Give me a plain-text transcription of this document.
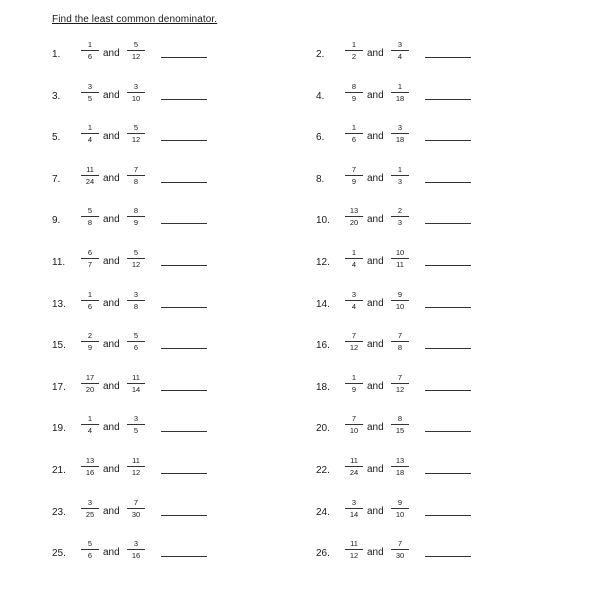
Find the least common denominator.
1.
1
6 and
5
12
3.
3
5 and
3
10
5.
1
4 and
5
12
7.
11
24 and
7
8
9.
5
8 and
8
9
11.
6
7 and
5
12
13.
1
6 and
3
8
15.
2
9 and
5
6
17.
17
20 and
11
14
19.
1
4 and
3
5
21.
13
16 and
11
12
23.
3
25 and
7
30
25.
5
6 and
3
16
2.
1
2 and
3
4
4.
8
9 and
1
18
6.
1
6 and
3
18
8.
7
9 and
1
3
10.
13
20 and
2
3
12.
1
4 and
10
11
14.
3
4 and
9
10
16.
7
12 and
7
8
18.
1
9 and
7
12
20.
7
10 and
8
15
22.
11
24 and
13
18
24.
3
14 and
9
10
26.
11
12 and
7
30
